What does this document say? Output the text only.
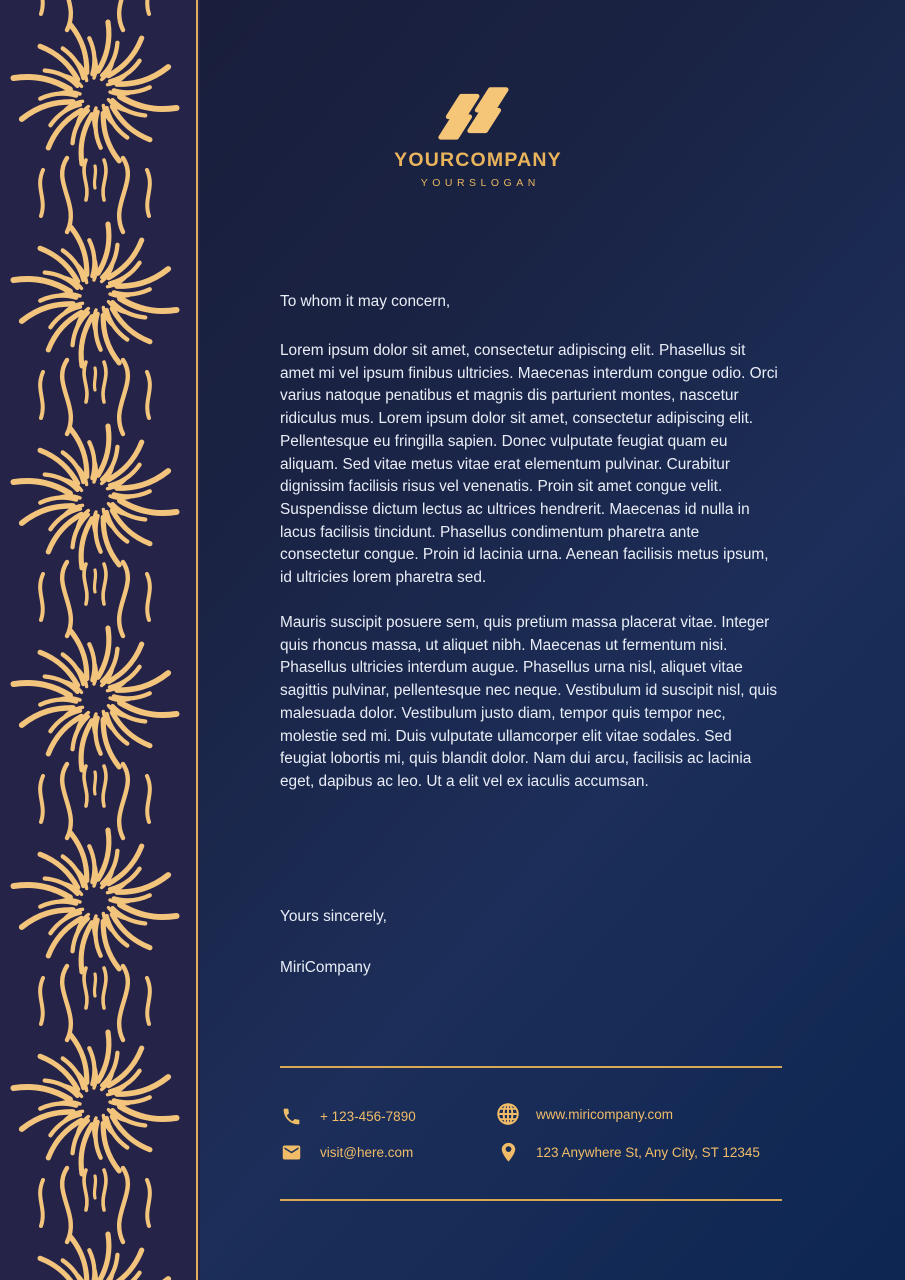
YOURCOMPANY
YOURSLOGAN

To whom it may concern,

Lorem ipsum dolor sit amet, consectetur adipiscing elit. Phasellus sit amet mi vel ipsum finibus ultricies. Maecenas interdum congue odio. Orci varius natoque penatibus et magnis dis parturient montes, nascetur ridiculus mus. Lorem ipsum dolor sit amet, consectetur adipiscing elit. Pellentesque eu fringilla sapien. Donec vulputate feugiat quam eu aliquam. Sed vitae metus vitae erat elementum pulvinar. Curabitur dignissim facilisis risus vel venenatis. Proin sit amet congue velit. Suspendisse dictum lectus ac ultrices hendrerit. Maecenas id nulla in lacus facilisis tincidunt. Phasellus condimentum pharetra ante consectetur congue. Proin id lacinia urna. Aenean facilisis metus ipsum, id ultricies lorem pharetra sed.

Mauris suscipit posuere sem, quis pretium massa placerat vitae. Integer quis rhoncus massa, ut aliquet nibh. Maecenas ut fermentum nisi. Phasellus ultricies interdum augue. Phasellus urna nisl, aliquet vitae sagittis pulvinar, pellentesque nec neque. Vestibulum id suscipit nisl, quis malesuada dolor. Vestibulum justo diam, tempor quis tempor nec, molestie sed mi. Duis vulputate ullamcorper elit vitae sodales. Sed feugiat lobortis mi, quis blandit dolor. Nam dui arcu, facilisis ac lacinia eget, dapibus ac leo. Ut a elit vel ex iaculis accumsan.

Yours sincerely,

MiriCompany

+ 123-456-7890
visit@here.com
www.miricompany.com
123 Anywhere St, Any City, ST 12345
